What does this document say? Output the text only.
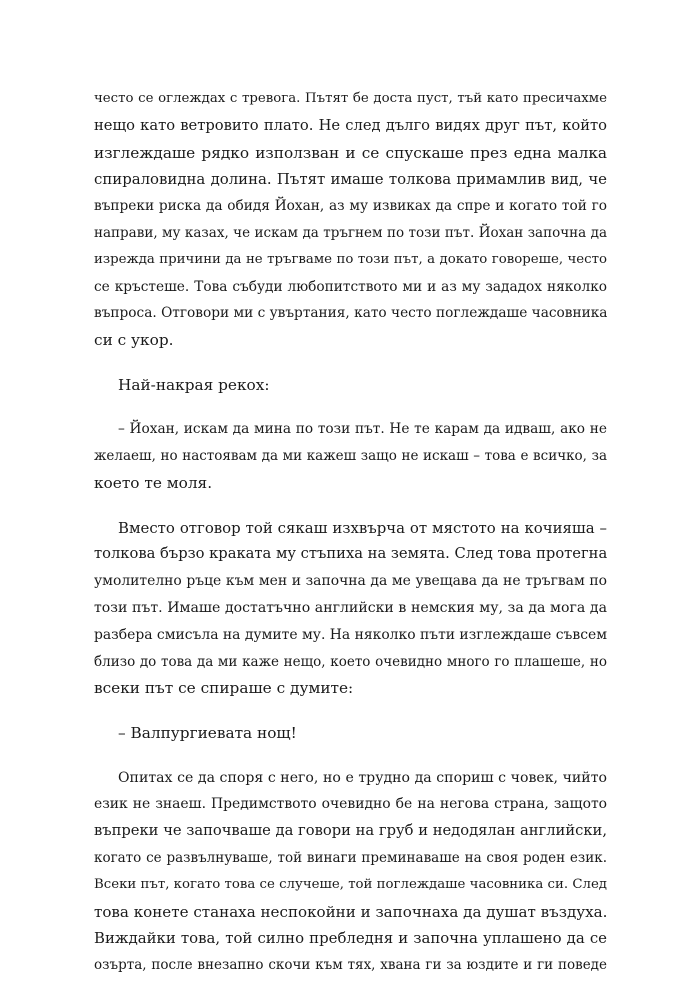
често се оглеждах с тревога. Пътят бе доста пуст, тъй като пресичахме
нещо като ветровито плато. Не след дълго видях друг път, който
изглеждаше рядко използван и се спускаше през една малка
спираловидна долина. Пътят имаше толкова примамлив вид, че
въпреки риска да обидя Йохан, аз му извиках да спре и когато той го
направи, му казах, че искам да тръгнем по този път. Йохан започна да
изрежда причини да не тръгваме по този път, а докато говореше, често
се кръстеше. Това събуди любопитството ми и аз му зададох няколко
въпроса. Отговори ми с увъртания, като често поглеждаше часовника
си с укор.
Най-накрая рекох:
– Йохан, искам да мина по този път. Не те карам да идваш, ако не
желаеш, но настоявам да ми кажеш защо не искаш – това е всичко, за
което те моля.
Вместо отговор той сякаш изхвърча от мястото на кочияша –
толкова бързо краката му стъпиха на земята. След това протегна
умолително ръце към мен и започна да ме увещава да не тръгвам по
този път. Имаше достатъчно английски в немския му, за да мога да
разбера смисъла на думите му. На няколко пъти изглеждаше съвсем
близо до това да ми каже нещо, което очевидно много го плашеше, но
всеки път се спираше с думите:
– Валпургиевата нощ!
Опитах се да споря с него, но е трудно да спориш с човек, чийто
език не знаеш. Предимството очевидно бе на негова страна, защото
въпреки че започваше да говори на груб и недодялан английски,
когато се развълнуваше, той винаги преминаваше на своя роден език.
Всеки път, когато това се случеше, той поглеждаше часовника си. След
това конете станаха неспокойни и започнаха да душат въздуха.
Виждайки това, той силно пребледня и започна уплашено да се
озърта, после внезапно скочи към тях, хвана ги за юздите и ги поведе
